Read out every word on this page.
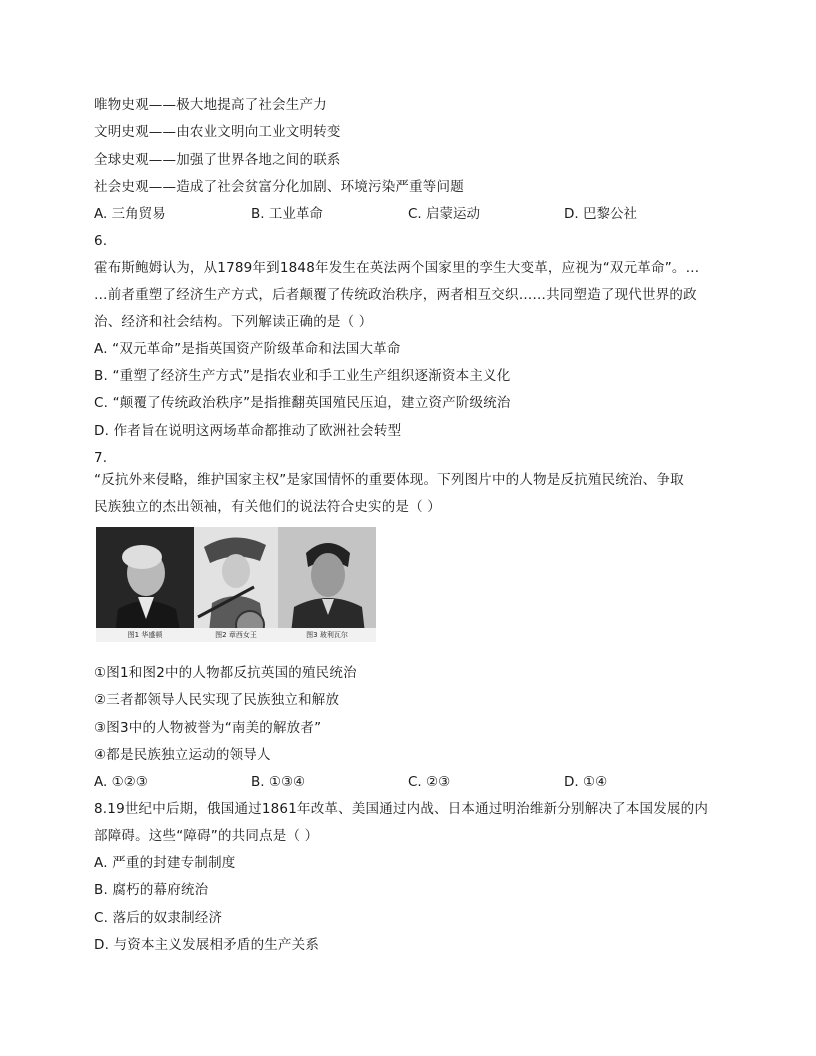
唯物史观——极大地提高了社会生产力
文明史观——由农业文明向工业文明转变
全球史观——加强了世界各地之间的联系
社会史观——造成了社会贫富分化加剧、环境污染严重等问题
A. 三角贸易	B. 工业革命	C. 启蒙运动	D. 巴黎公社
6.
霍布斯鲍姆认为，从1789年到1848年发生在英法两个国家里的孪生大变革，应视为“双元革命”。…
…前者重塑了经济生产方式，后者颠覆了传统政治秩序，两者相互交织……共同塑造了现代世界的政
治、经济和社会结构。下列解读正确的是（ ）
A. “双元革命”是指英国资产阶级革命和法国大革命
B. “重塑了经济生产方式”是指农业和手工业生产组织逐渐资本主义化
C. “颠覆了传统政治秩序”是指推翻英国殖民压迫，建立资产阶级统治
D. 作者旨在说明这两场革命都推动了欧洲社会转型
7.
“反抗外来侵略，维护国家主权”是家国情怀的重要体现。下列图片中的人物是反抗殖民统治、争取
民族独立的杰出领袖，有关他们的说法符合史实的是（ ）
图1 华盛顿	图2 章西女王	图3 玻利瓦尔
①图1和图2中的人物都反抗英国的殖民统治
②三者都领导人民实现了民族独立和解放
③图3中的人物被誉为“南美的解放者”
④都是民族独立运动的领导人
A. ①②③	B. ①③④	C. ②③	D. ①④
8.19世纪中后期，俄国通过1861年改革、美国通过内战、日本通过明治维新分别解决了本国发展的内
部障碍。这些“障碍”的共同点是（ ）
A. 严重的封建专制制度
B. 腐朽的幕府统治
C. 落后的奴隶制经济
D. 与资本主义发展相矛盾的生产关系
